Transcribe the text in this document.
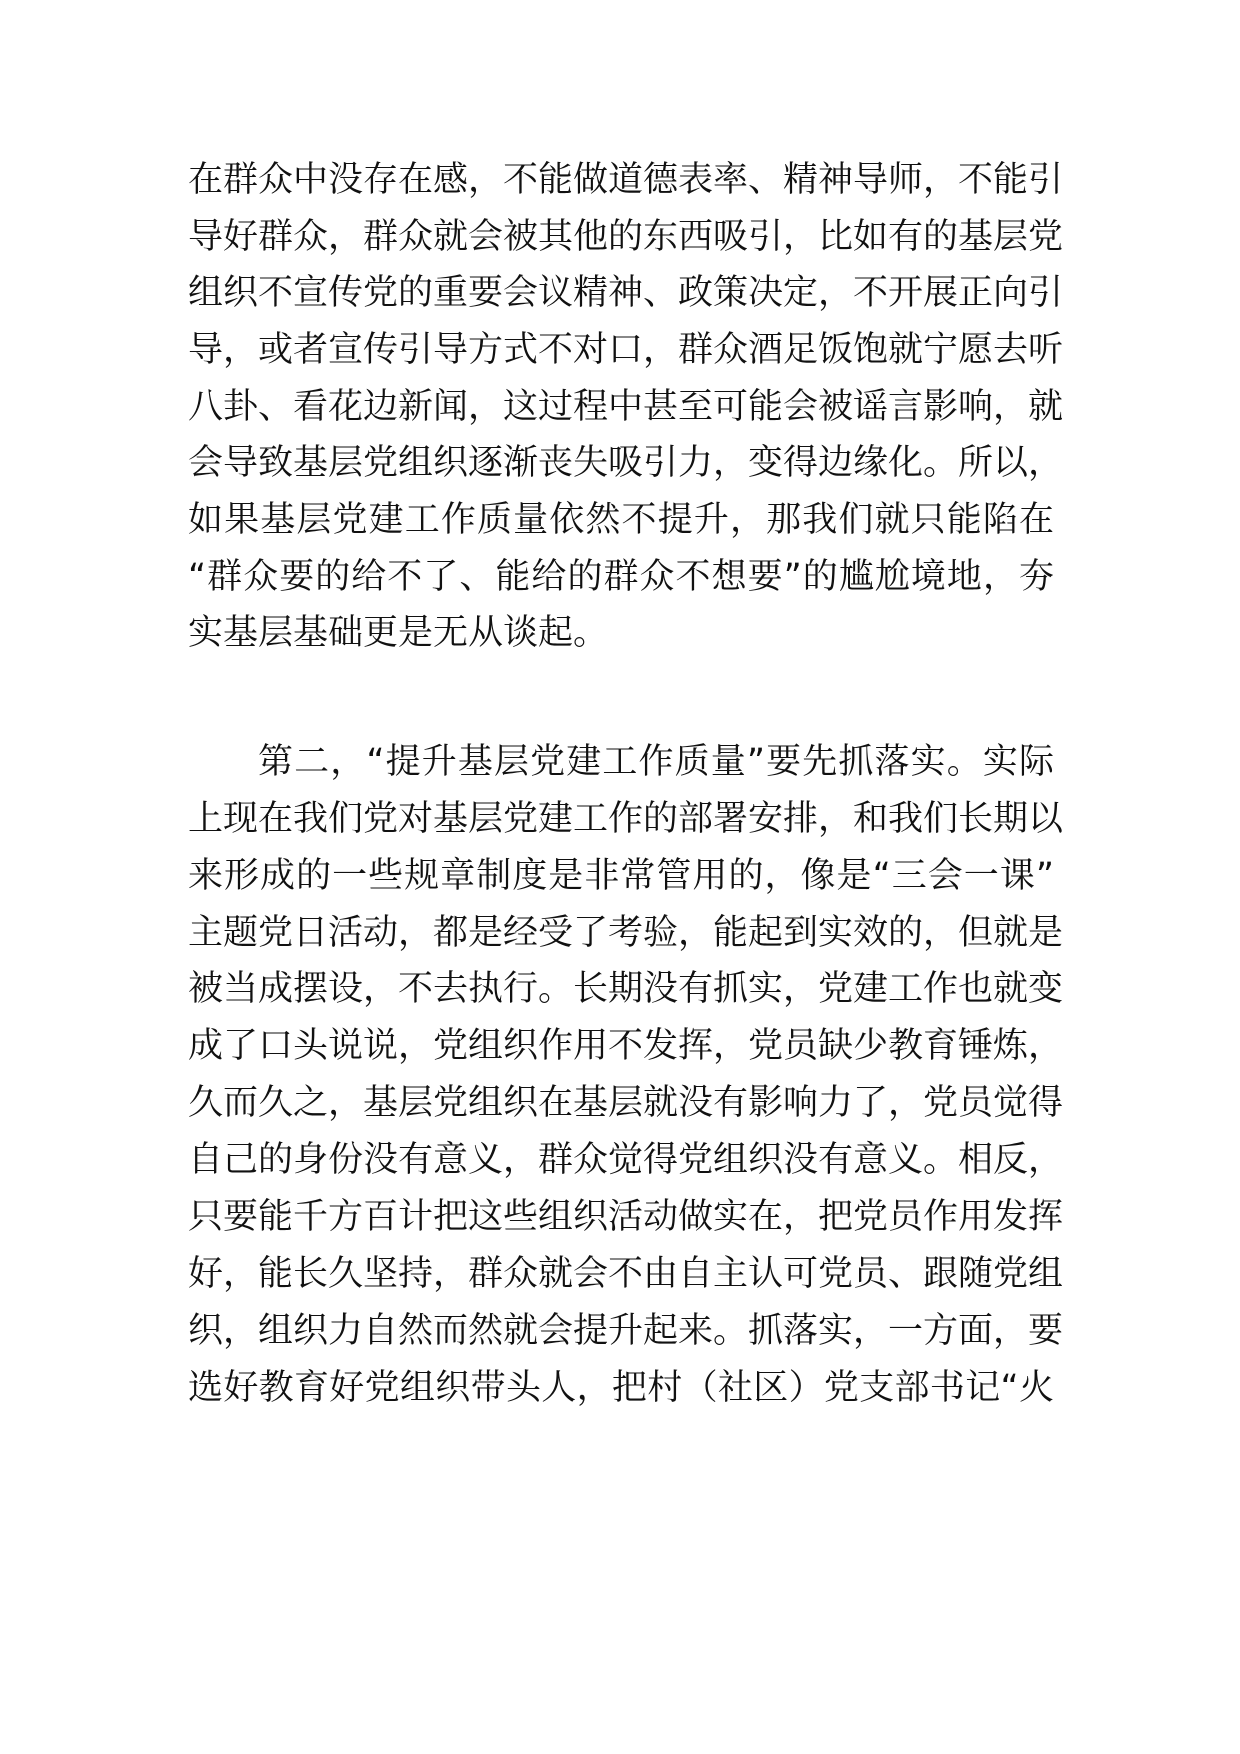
在群众中没存在感，不能做道德表率、精神导师，不能引

导好群众，群众就会被其他的东西吸引，比如有的基层党

组织不宣传党的重要会议精神、政策决定，不开展正向引

导，或者宣传引导方式不对口，群众酒足饭饱就宁愿去听

八卦、看花边新闻，这过程中甚至可能会被谣言影响，就

会导致基层党组织逐渐丧失吸引力，变得边缘化。所以，

如果基层党建工作质量依然不提升，那我们就只能陷在

“群众要的给不了、能给的群众不想要”的尴尬境地，夯

实基层基础更是无从谈起。

第二，“提升基层党建工作质量”要先抓落实。实际

上现在我们党对基层党建工作的部署安排，和我们长期以

来形成的一些规章制度是非常管用的，像是“三会一课”

主题党日活动，都是经受了考验，能起到实效的，但就是

被当成摆设，不去执行。长期没有抓实，党建工作也就变

成了口头说说，党组织作用不发挥，党员缺少教育锤炼，

久而久之，基层党组织在基层就没有影响力了，党员觉得

自己的身份没有意义，群众觉得党组织没有意义。相反，

只要能千方百计把这些组织活动做实在，把党员作用发挥

好，能长久坚持，群众就会不由自主认可党员、跟随党组

织，组织力自然而然就会提升起来。抓落实，一方面，要

选好教育好党组织带头人，把村（社区）党支部书记“火
